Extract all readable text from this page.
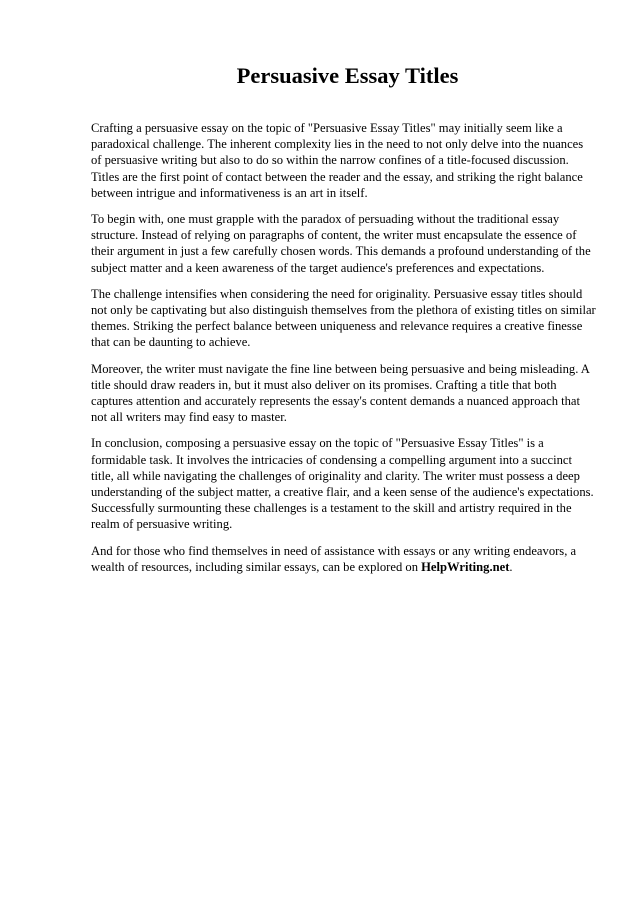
Persuasive Essay Titles

Crafting a persuasive essay on the topic of "Persuasive Essay Titles" may initially seem like a paradoxical challenge. The inherent complexity lies in the need to not only delve into the nuances of persuasive writing but also to do so within the narrow confines of a title-focused discussion. Titles are the first point of contact between the reader and the essay, and striking the right balance between intrigue and informativeness is an art in itself.

To begin with, one must grapple with the paradox of persuading without the traditional essay structure. Instead of relying on paragraphs of content, the writer must encapsulate the essence of their argument in just a few carefully chosen words. This demands a profound understanding of the subject matter and a keen awareness of the target audience's preferences and expectations.

The challenge intensifies when considering the need for originality. Persuasive essay titles should not only be captivating but also distinguish themselves from the plethora of existing titles on similar themes. Striking the perfect balance between uniqueness and relevance requires a creative finesse that can be daunting to achieve.

Moreover, the writer must navigate the fine line between being persuasive and being misleading. A title should draw readers in, but it must also deliver on its promises. Crafting a title that both captures attention and accurately represents the essay's content demands a nuanced approach that not all writers may find easy to master.

In conclusion, composing a persuasive essay on the topic of "Persuasive Essay Titles" is a formidable task. It involves the intricacies of condensing a compelling argument into a succinct title, all while navigating the challenges of originality and clarity. The writer must possess a deep understanding of the subject matter, a creative flair, and a keen sense of the audience's expectations. Successfully surmounting these challenges is a testament to the skill and artistry required in the realm of persuasive writing.

And for those who find themselves in need of assistance with essays or any writing endeavors, a wealth of resources, including similar essays, can be explored on HelpWriting.net.
